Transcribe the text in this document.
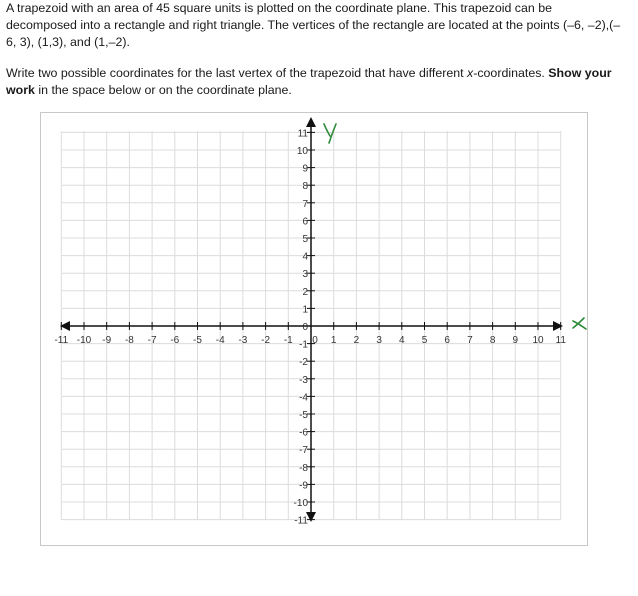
A trapezoid with an area of 45 square units is plotted on the coordinate plane. This trapezoid can be decomposed into a rectangle and right triangle. The vertices of the rectangle are located at the points (–6, –2),(–6, 3), (1,3), and (1,–2).

Write two possible coordinates for the last vertex of the trapezoid that have different x-coordinates. Show your work in the space below or on the coordinate plane.

-11 -10 -9 -8 -7 -6 -5 -4 -3 -2 -1 0 1 2 3 4 5 6 7 8 9 10 11
11
10
9
8
7
6
5
4
3
2
1
0
-1
-2
-3
-4
-5
-6
-7
-8
-9
-10
-11
